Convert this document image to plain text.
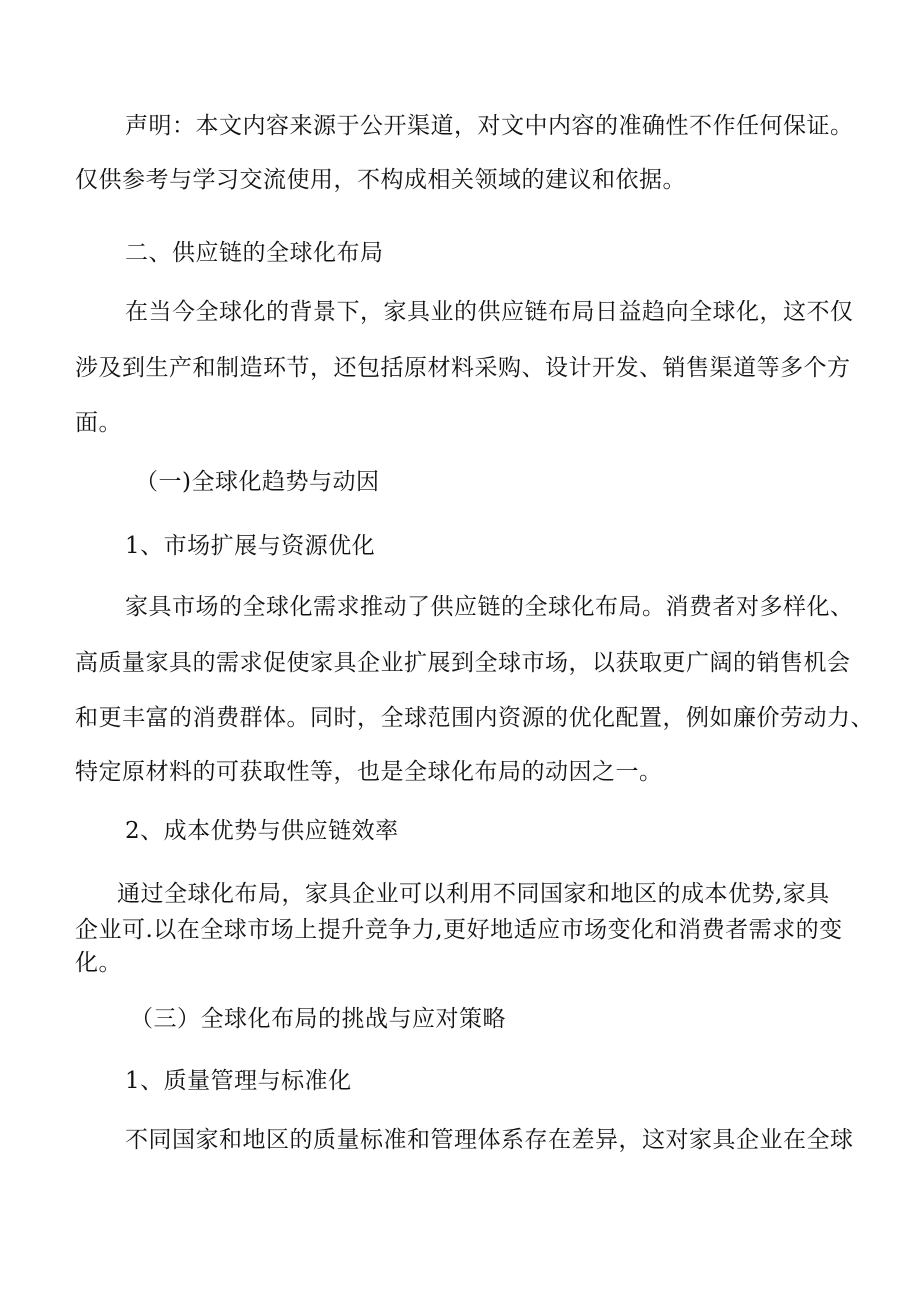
声明：本文内容来源于公开渠道，对文中内容的准确性不作任何保证。
仅供参考与学习交流使用，不构成相关领域的建议和依据。
二、供应链的全球化布局
在当今全球化的背景下，家具业的供应链布局日益趋向全球化，这不仅
涉及到生产和制造环节，还包括原材料采购、设计开发、销售渠道等多个方
面。
（一)全球化趋势与动因
1、市场扩展与资源优化
家具市场的全球化需求推动了供应链的全球化布局。消费者对多样化、
高质量家具的需求促使家具企业扩展到全球市场，以获取更广阔的销售机会
和更丰富的消费群体。同时，全球范围内资源的优化配置，例如廉价劳动力、
特定原材料的可获取性等，也是全球化布局的动因之一。
2、成本优势与供应链效率
通过全球化布局，家具企业可以利用不同国家和地区的成本优势,家具
企业可.以在全球市场上提升竞争力,更好地适应市场变化和消费者需求的变
化。
（三）全球化布局的挑战与应对策略
1、质量管理与标准化
不同国家和地区的质量标准和管理体系存在差异，这对家具企业在全球
